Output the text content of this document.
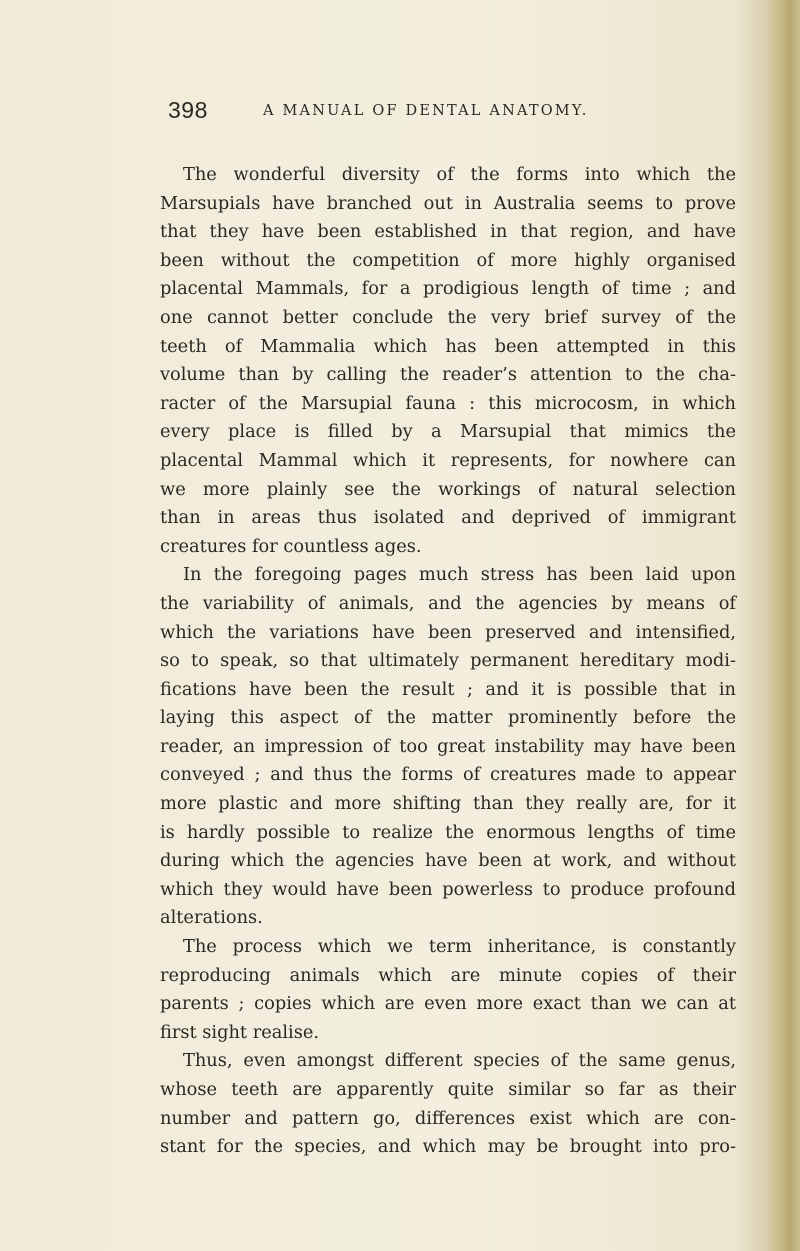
398	A MANUAL OF DENTAL ANATOMY.
The wonderful diversity of the forms into which the
Marsupials have branched out in Australia seems to prove
that they have been established in that region, and have
been without the competition of more highly organised
placental Mammals, for a prodigious length of time ; and
one cannot better conclude the very brief survey of the
teeth of Mammalia which has been attempted in this
volume than by calling the reader’s attention to the cha-
racter of the Marsupial fauna : this microcosm, in which
every place is filled by a Marsupial that mimics the
placental Mammal which it represents, for nowhere can
we more plainly see the workings of natural selection
than in areas thus isolated and deprived of immigrant
creatures for countless ages.
In the foregoing pages much stress has been laid upon
the variability of animals, and the agencies by means of
which the variations have been preserved and intensified,
so to speak, so that ultimately permanent hereditary modi-
fications have been the result ; and it is possible that in
laying this aspect of the matter prominently before the
reader, an impression of too great instability may have been
conveyed ; and thus the forms of creatures made to appear
more plastic and more shifting than they really are, for it
is hardly possible to realize the enormous lengths of time
during which the agencies have been at work, and without
which they would have been powerless to produce profound
alterations.
The process which we term inheritance, is constantly
reproducing animals which are minute copies of their
parents ; copies which are even more exact than we can at
first sight realise.
Thus, even amongst different species of the same genus,
whose teeth are apparently quite similar so far as their
number and pattern go, differences exist which are con-
stant for the species, and which may be brought into pro-
